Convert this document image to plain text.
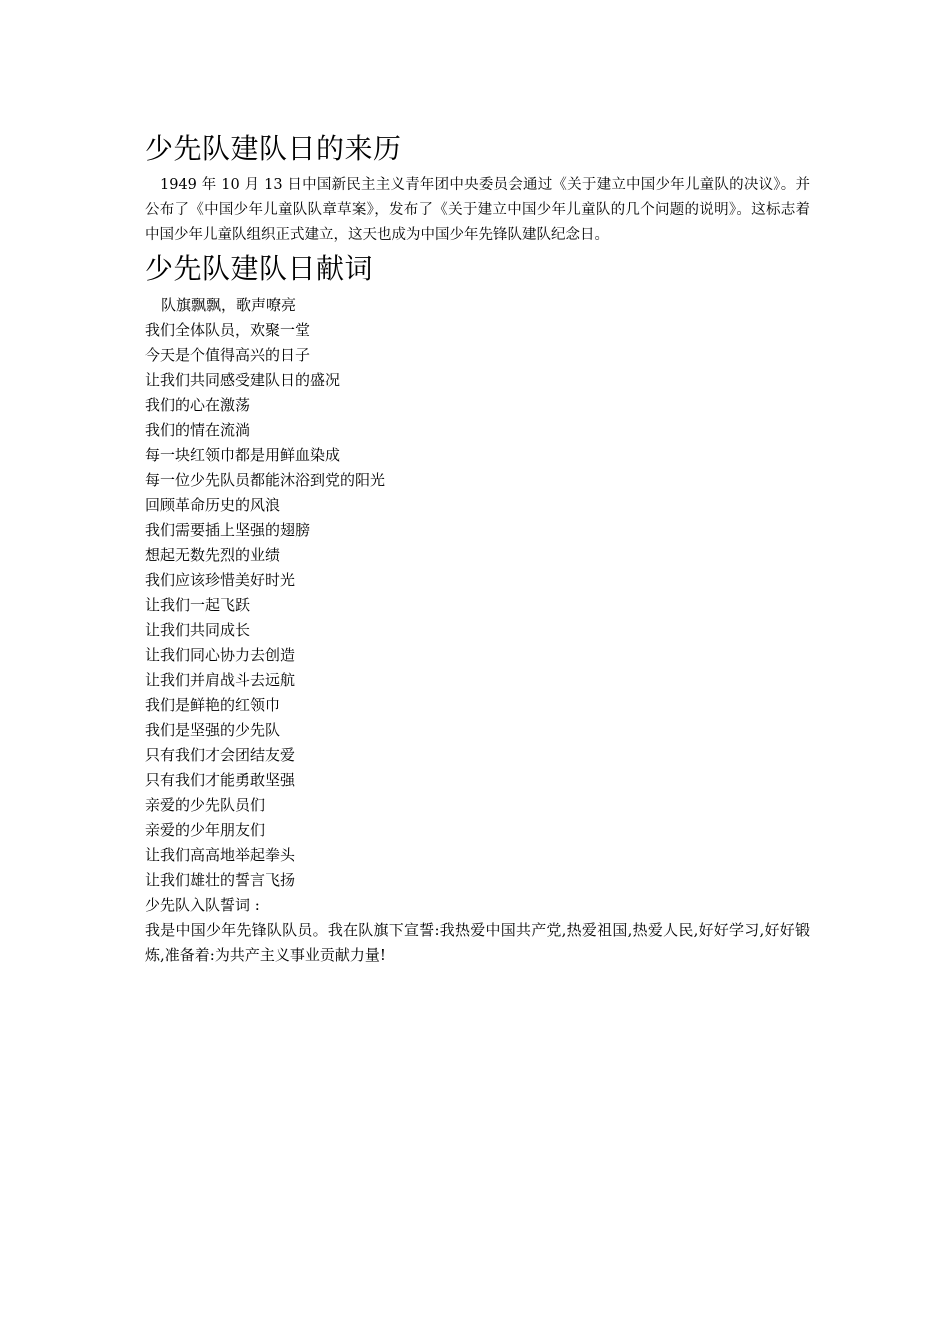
少先队建队日的来历

1949 年 10 月 13 日中国新民主主义青年团中央委员会通过《关于建立中国少年儿童队的决议》。并公布了《中国少年儿童队队章草案》，发布了《关于建立中国少年儿童队的几个问题的说明》。这标志着中国少年儿童队组织正式建立，这天也成为中国少年先锋队建队纪念日。

少先队建队日献词
队旗飘飘，歌声嘹亮
我们全体队员，欢聚一堂
今天是个值得高兴的日子
让我们共同感受建队日的盛况
我们的心在激荡
我们的情在流淌
每一块红领巾都是用鲜血染成
每一位少先队员都能沐浴到党的阳光
回顾革命历史的风浪
我们需要插上坚强的翅膀
想起无数先烈的业绩
我们应该珍惜美好时光
让我们一起飞跃
让我们共同成长
让我们同心协力去创造
让我们并肩战斗去远航
我们是鲜艳的红领巾
我们是坚强的少先队
只有我们才会团结友爱
只有我们才能勇敢坚强
亲爱的少先队员们
亲爱的少年朋友们
让我们高高地举起拳头
让我们雄壮的誓言飞扬
少先队入队誓词 :

我是中国少年先锋队队员。我在队旗下宣誓:我热爱中国共产党,热爱祖国,热爱人民,好好学习,好好锻炼,准备着:为共产主义事业贡献力量!
